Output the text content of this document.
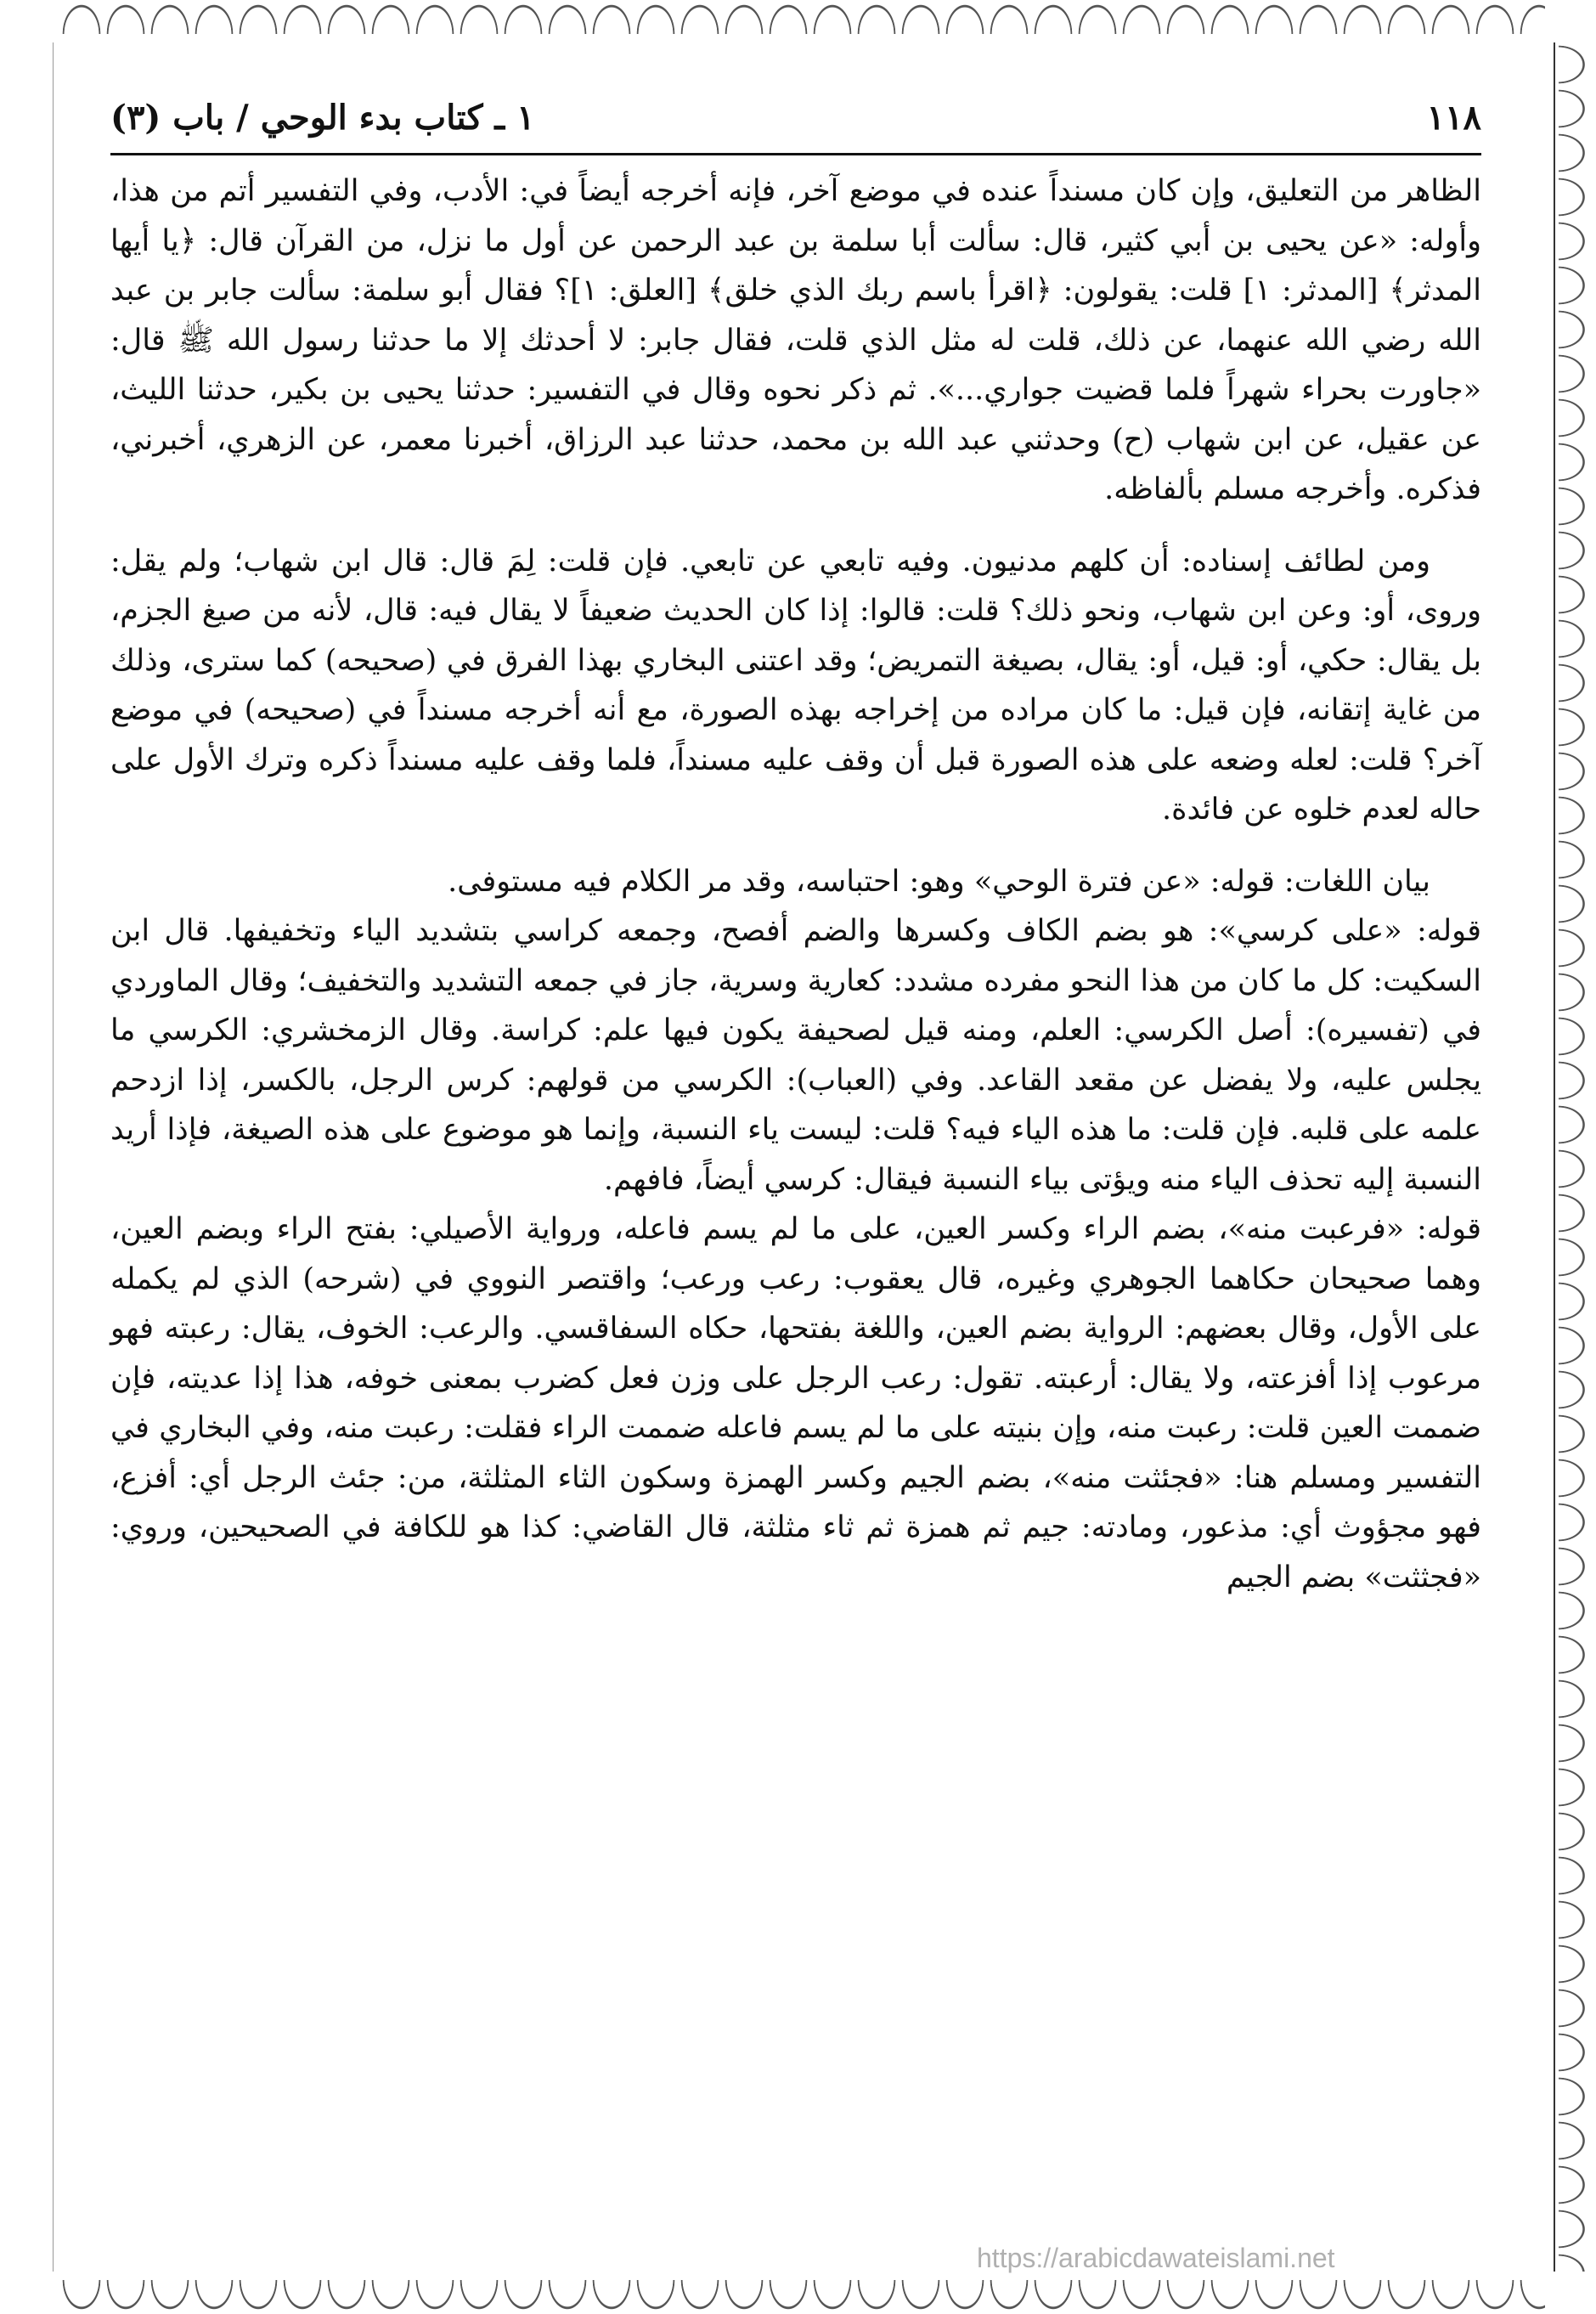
١١٨
١ ـ كتاب بدء الوحي / باب (٣)

الظاهر من التعليق، وإن كان مسنداً عنده في موضع آخر، فإنه أخرجه أيضاً في: الأدب، وفي التفسير أتم من هذا، وأوله: «عن يحيى بن أبي كثير، قال: سألت أبا سلمة بن عبد الرحمن عن أول ما نزل، من القرآن قال: ﴿يا أيها المدثر﴾ [المدثر: ١] قلت: يقولون: ﴿اقرأ باسم ربك الذي خلق﴾ [العلق: ١]؟ فقال أبو سلمة: سألت جابر بن عبد الله رضي الله عنهما، عن ذلك، قلت له مثل الذي قلت، فقال جابر: لا أحدثك إلا ما حدثنا رسول الله ﷺ قال: «جاورت بحراء شهراً فلما قضيت جواري...». ثم ذكر نحوه وقال في التفسير: حدثنا يحيى بن بكير، حدثنا الليث، عن عقيل، عن ابن شهاب (ح) وحدثني عبد الله بن محمد، حدثنا عبد الرزاق، أخبرنا معمر، عن الزهري، أخبرني، فذكره. وأخرجه مسلم بألفاظه.

ومن لطائف إسناده: أن كلهم مدنيون. وفيه تابعي عن تابعي. فإن قلت: لِمَ قال: قال ابن شهاب؛ ولم يقل: وروى، أو: وعن ابن شهاب، ونحو ذلك؟ قلت: قالوا: إذا كان الحديث ضعيفاً لا يقال فيه: قال، لأنه من صيغ الجزم، بل يقال: حكي، أو: قيل، أو: يقال، بصيغة التمريض؛ وقد اعتنى البخاري بهذا الفرق في (صحيحه) كما سترى، وذلك من غاية إتقانه، فإن قيل: ما كان مراده من إخراجه بهذه الصورة، مع أنه أخرجه مسنداً في (صحيحه) في موضع آخر؟ قلت: لعله وضعه على هذه الصورة قبل أن وقف عليه مسنداً، فلما وقف عليه مسنداً ذكره وترك الأول على حاله لعدم خلوه عن فائدة.

بيان اللغات: قوله: «عن فترة الوحي» وهو: احتباسه، وقد مر الكلام فيه مستوفى.

قوله: «على كرسي»: هو بضم الكاف وكسرها والضم أفصح، وجمعه كراسي بتشديد الياء وتخفيفها. قال ابن السكيت: كل ما كان من هذا النحو مفرده مشدد: كعارية وسرية، جاز في جمعه التشديد والتخفيف؛ وقال الماوردي في (تفسيره): أصل الكرسي: العلم، ومنه قيل لصحيفة يكون فيها علم: كراسة. وقال الزمخشري: الكرسي ما يجلس عليه، ولا يفضل عن مقعد القاعد. وفي (العباب): الكرسي من قولهم: كرس الرجل، بالكسر، إذا ازدحم علمه على قلبه. فإن قلت: ما هذه الياء فيه؟ قلت: ليست ياء النسبة، وإنما هو موضوع على هذه الصيغة، فإذا أريد النسبة إليه تحذف الياء منه ويؤتى بياء النسبة فيقال: كرسي أيضاً، فافهم.

قوله: «فرعبت منه»، بضم الراء وكسر العين، على ما لم يسم فاعله، ورواية الأصيلي: بفتح الراء وبضم العين، وهما صحيحان حكاهما الجوهري وغيره، قال يعقوب: رعب ورعب؛ واقتصر النووي في (شرحه) الذي لم يكمله على الأول، وقال بعضهم: الرواية بضم العين، واللغة بفتحها، حكاه السفاقسي. والرعب: الخوف، يقال: رعبته فهو مرعوب إذا أفزعته، ولا يقال: أرعبته. تقول: رعب الرجل على وزن فعل كضرب بمعنى خوفه، هذا إذا عديته، فإن ضممت العين قلت: رعبت منه، وإن بنيته على ما لم يسم فاعله ضممت الراء فقلت: رعبت منه، وفي البخاري في التفسير ومسلم هنا: «فجئثت منه»، بضم الجيم وكسر الهمزة وسكون الثاء المثلثة، من: جئث الرجل أي: أفزع، فهو مجؤوث أي: مذعور، ومادته: جيم ثم همزة ثم ثاء مثلثة، قال القاضي: كذا هو للكافة في الصحيحين، وروي: «فجثثت» بضم الجيم

https://arabicdawateislami.net
